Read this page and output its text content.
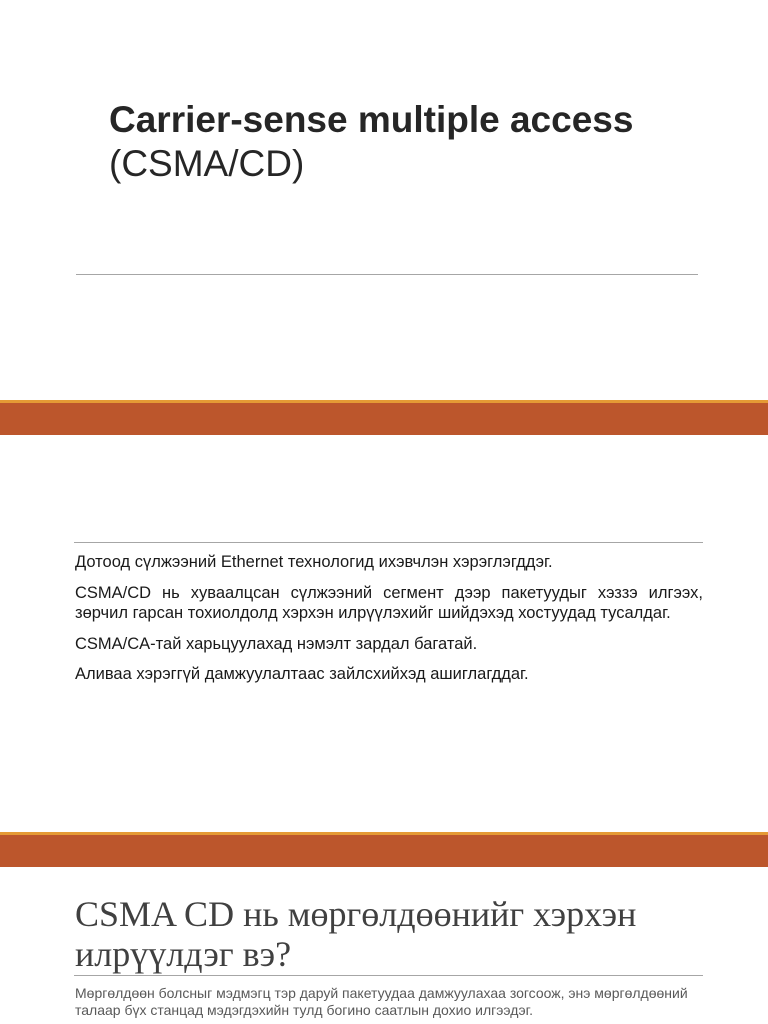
Carrier-sense multiple access
(CSMA/CD)

Дотоод сүлжээний Ethernet технологид ихэвчлэн хэрэглэгддэг.

CSMA/CD нь хуваалцсан сүлжээний сегмент дээр пакетуудыг хэззэ илгээх, зөрчил гарсан тохиолдолд хэрхэн илрүүлэхийг шийдэхэд хостуудад тусалдаг.

CSMA/CA-тай харьцуулахад нэмэлт зардал багатай.

Аливаа хэрэггүй дамжуулалтаас зайлсхийхэд ашиглагддаг.

CSMA CD нь мөргөлдөөнийг хэрхэн илрүүлдэг вэ?
Мөргөлдөөн болсныг мэдмэгц тэр даруй пакетуудаа дамжуулахаа зогсоож, энэ мөргөлдөөний талаар бүх станцад мэдэгдэхийн тулд богино саатлын дохио илгээдэг.
